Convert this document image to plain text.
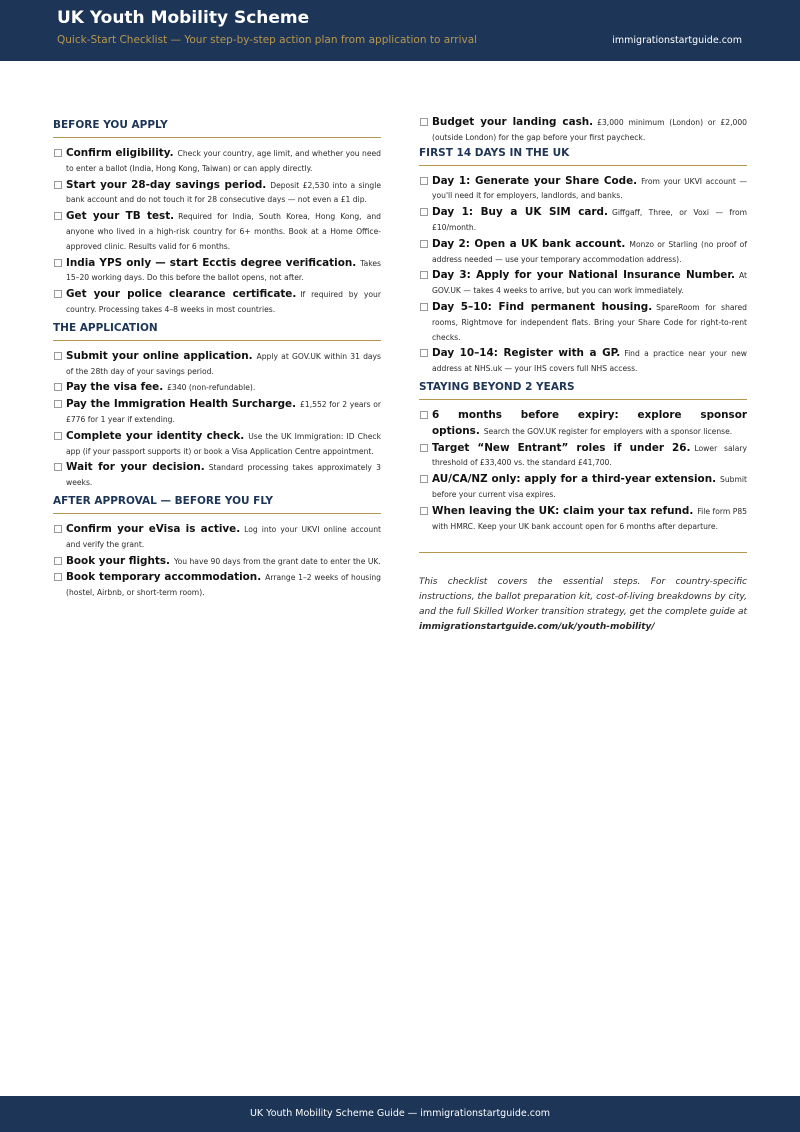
UK Youth Mobility Scheme
Quick-Start Checklist — Your step-by-step action plan from application to arrival	immigrationstartguide.com
BEFORE YOU APPLY
Confirm eligibility. Check your country, age limit, and whether you need to enter a ballot (India, Hong Kong, Taiwan) or can apply directly.
Start your 28-day savings period. Deposit £2,530 into a single bank account and do not touch it for 28 consecutive days — not even a £1 dip.
Get your TB test. Required for India, South Korea, Hong Kong, and anyone who lived in a high-risk country for 6+ months. Book at a Home Office-approved clinic. Results valid for 6 months.
India YPS only — start Ecctis degree verification. Takes 15–20 working days. Do this before the ballot opens, not after.
Get your police clearance certificate. If required by your country. Processing takes 4–8 weeks in most countries.
THE APPLICATION
Submit your online application. Apply at GOV.UK within 31 days of the 28th day of your savings period.
Pay the visa fee. £340 (non-refundable).
Pay the Immigration Health Surcharge. £1,552 for 2 years or £776 for 1 year if extending.
Complete your identity check. Use the UK Immigration: ID Check app (if your passport supports it) or book a Visa Application Centre appointment.
Wait for your decision. Standard processing takes approximately 3 weeks.
AFTER APPROVAL — BEFORE YOU FLY
Confirm your eVisa is active. Log into your UKVI online account and verify the grant.
Book your flights. You have 90 days from the grant date to enter the UK.
Book temporary accommodation. Arrange 1–2 weeks of housing (hostel, Airbnb, or short-term room).
Budget your landing cash. £3,000 minimum (London) or £2,000 (outside London) for the gap before your first paycheck.
FIRST 14 DAYS IN THE UK
Day 1: Generate your Share Code. From your UKVI account — you'll need it for employers, landlords, and banks.
Day 1: Buy a UK SIM card. Giffgaff, Three, or Voxi — from £10/month.
Day 2: Open a UK bank account. Monzo or Starling (no proof of address needed — use your temporary accommodation address).
Day 3: Apply for your National Insurance Number. At GOV.UK — takes 4 weeks to arrive, but you can work immediately.
Day 5–10: Find permanent housing. SpareRoom for shared rooms, Rightmove for independent flats. Bring your Share Code for right-to-rent checks.
Day 10–14: Register with a GP. Find a practice near your new address at NHS.uk — your IHS covers full NHS access.
STAYING BEYOND 2 YEARS
6 months before expiry: explore sponsor options. Search the GOV.UK register for employers with a sponsor license.
Target “New Entrant” roles if under 26. Lower salary threshold of £33,400 vs. the standard £41,700.
AU/CA/NZ only: apply for a third-year extension. Submit before your current visa expires.
When leaving the UK: claim your tax refund. File form P85 with HMRC. Keep your UK bank account open for 6 months after departure.
This checklist covers the essential steps. For country-specific instructions, the ballot preparation kit, cost-of-living breakdowns by city, and the full Skilled Worker transition strategy, get the complete guide at immigrationstartguide.com/uk/youth-mobility/
UK Youth Mobility Scheme Guide — immigrationstartguide.com
